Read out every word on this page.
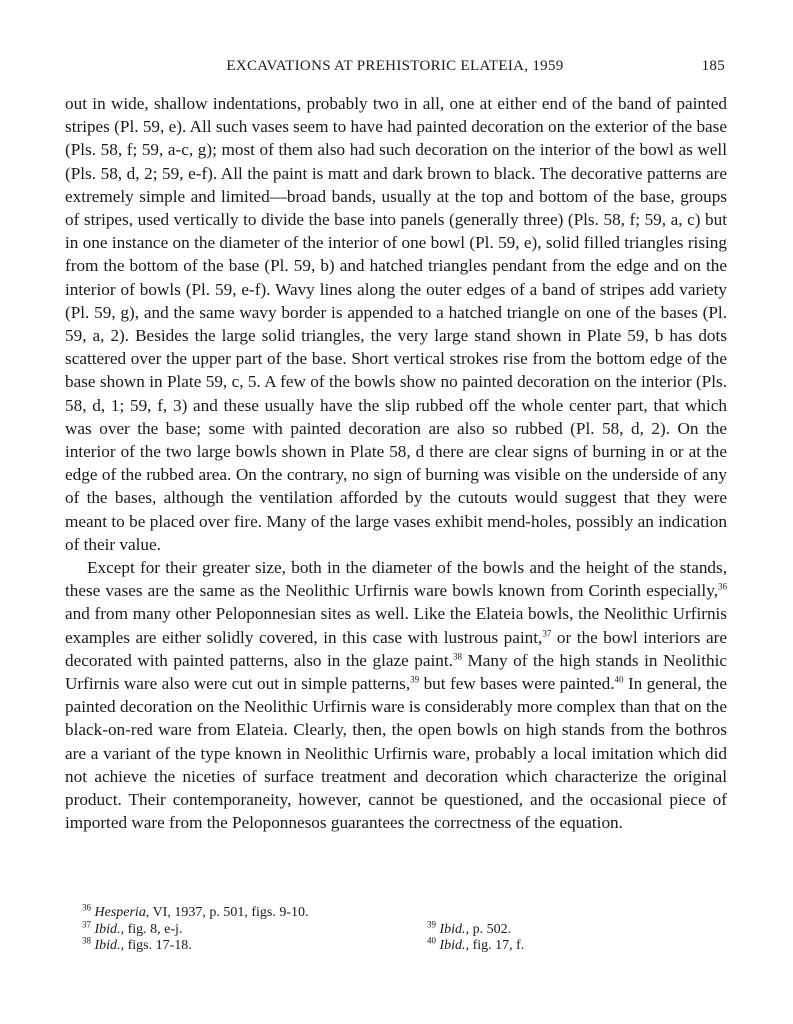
EXCAVATIONS AT PREHISTORIC ELATEIA, 1959	185

out in wide, shallow indentations, probably two in all, one at either end of the band of painted stripes (Pl. 59, e). All such vases seem to have had painted decoration on the exterior of the base (Pls. 58, f; 59, a-c, g); most of them also had such decoration on the interior of the bowl as well (Pls. 58, d, 2; 59, e-f). All the paint is matt and dark brown to black. The decorative patterns are extremely simple and limited—broad bands, usually at the top and bottom of the base, groups of stripes, used vertically to divide the base into panels (generally three) (Pls. 58, f; 59, a, c) but in one instance on the diameter of the interior of one bowl (Pl. 59, e), solid filled triangles rising from the bottom of the base (Pl. 59, b) and hatched triangles pendant from the edge and on the interior of bowls (Pl. 59, e-f). Wavy lines along the outer edges of a band of stripes add variety (Pl. 59, g), and the same wavy border is appended to a hatched triangle on one of the bases (Pl. 59, a, 2). Besides the large solid triangles, the very large stand shown in Plate 59, b has dots scattered over the upper part of the base. Short vertical strokes rise from the bottom edge of the base shown in Plate 59, c, 5. A few of the bowls show no painted decoration on the interior (Pls. 58, d, 1; 59, f, 3) and these usually have the slip rubbed off the whole center part, that which was over the base; some with painted decoration are also so rubbed (Pl. 58, d, 2). On the interior of the two large bowls shown in Plate 58, d there are clear signs of burning in or at the edge of the rubbed area. On the contrary, no sign of burning was visible on the underside of any of the bases, although the ventilation afforded by the cutouts would suggest that they were meant to be placed over fire. Many of the large vases exhibit mend-holes, possibly an indication of their value.

Except for their greater size, both in the diameter of the bowls and the height of the stands, these vases are the same as the Neolithic Urfirnis ware bowls known from Corinth especially,$^{36}$ and from many other Peloponnesian sites as well. Like the Elateia bowls, the Neolithic Urfirnis examples are either solidly covered, in this case with lustrous paint,$^{37}$ or the bowl interiors are decorated with painted patterns, also in the glaze paint.$^{38}$ Many of the high stands in Neolithic Urfirnis ware also were cut out in simple patterns,$^{39}$ but few bases were painted.$^{40}$ In general, the painted decoration on the Neolithic Urfirnis ware is considerably more complex than that on the black-on-red ware from Elateia. Clearly, then, the open bowls on high stands from the bothros are a variant of the type known in Neolithic Urfirnis ware, probably a local imitation which did not achieve the niceties of surface treatment and decoration which characterize the original product. Their contemporaneity, however, cannot be questioned, and the occasional piece of imported ware from the Peloponnesos guarantees the correctness of the equation.

$^{36}$ Hesperia, VI, 1937, p. 501, figs. 9-10.
$^{37}$ Ibid., fig. 8, e-j.	$^{39}$ Ibid., p. 502.
$^{38}$ Ibid., figs. 17-18.	$^{40}$ Ibid., fig. 17, f.
